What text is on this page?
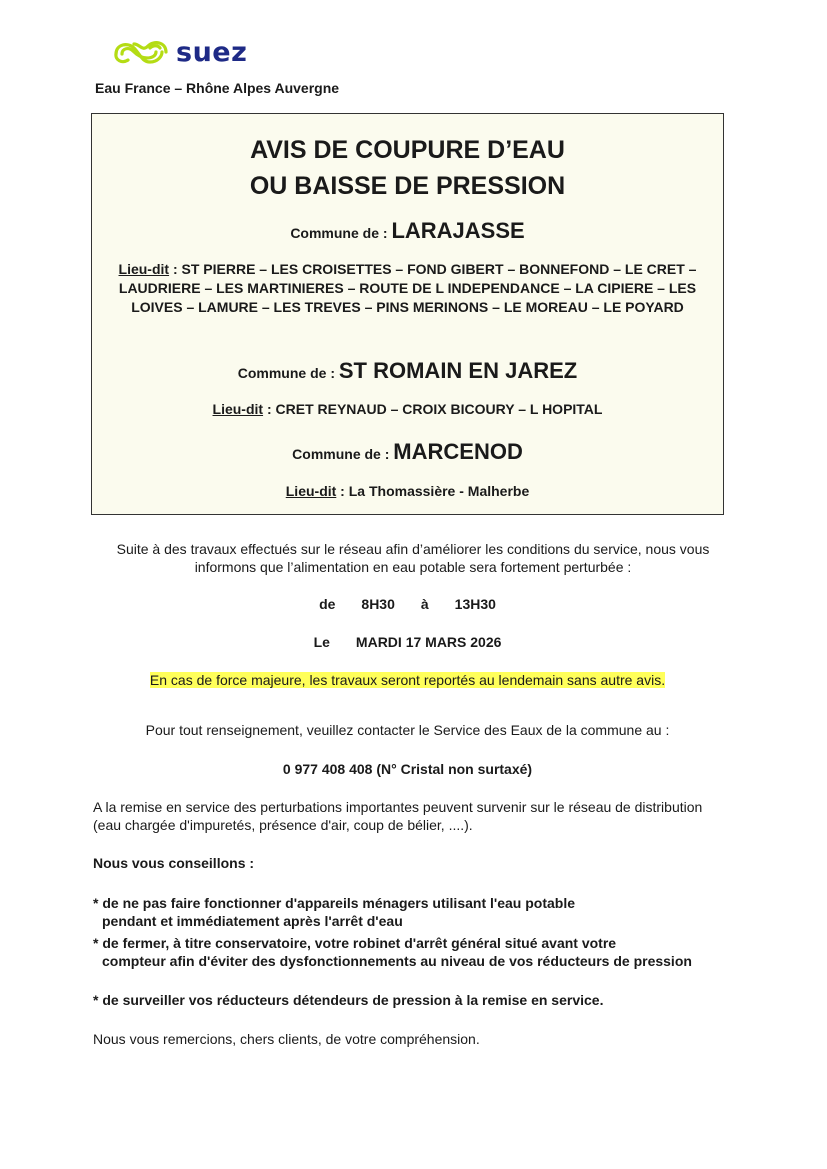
suez
Eau France – Rhône Alpes Auvergne
AVIS DE COUPURE D’EAU
OU BAISSE DE PRESSION
Commune de : LARAJASSE
Lieu-dit : ST PIERRE – LES CROISETTES – FOND GIBERT – BONNEFOND – LE CRET –LAUDRIERE – LES MARTINIERES – ROUTE DE L INDEPENDANCE – LA CIPIERE – LES LOIVES – LAMURE – LES TREVES – PINS MERINONS – LE MOREAU – LE POYARD
Commune de : ST ROMAIN EN JAREZ
Lieu-dit : CRET REYNAUD – CROIX BICOURY – L HOPITAL
Commune de : MARCENOD
Lieu-dit : La Thomassière - Malherbe
Suite à des travaux effectués sur le réseau afin d’améliorer les conditions du service, nous vous informons que l’alimentation en eau potable sera fortement perturbée :
de 8H30 à 13H30
Le MARDI 17 MARS 2026
En cas de force majeure, les travaux seront reportés au lendemain sans autre avis.
Pour tout renseignement, veuillez contacter le Service des Eaux de la commune au :
0 977 408 408 (N° Cristal non surtaxé)
A la remise en service des perturbations importantes peuvent survenir sur le réseau de distribution (eau chargée d'impuretés, présence d'air, coup de bélier, ....).
Nous vous conseillons :
* de ne pas faire fonctionner d'appareils ménagers utilisant l'eau potable
pendant et immédiatement après l'arrêt d'eau
* de fermer, à titre conservatoire, votre robinet d'arrêt général situé avant votre
compteur afin d'éviter des dysfonctionnements au niveau de vos réducteurs de pression
* de surveiller vos réducteurs détendeurs de pression à la remise en service.
Nous vous remercions, chers clients, de votre compréhension.
